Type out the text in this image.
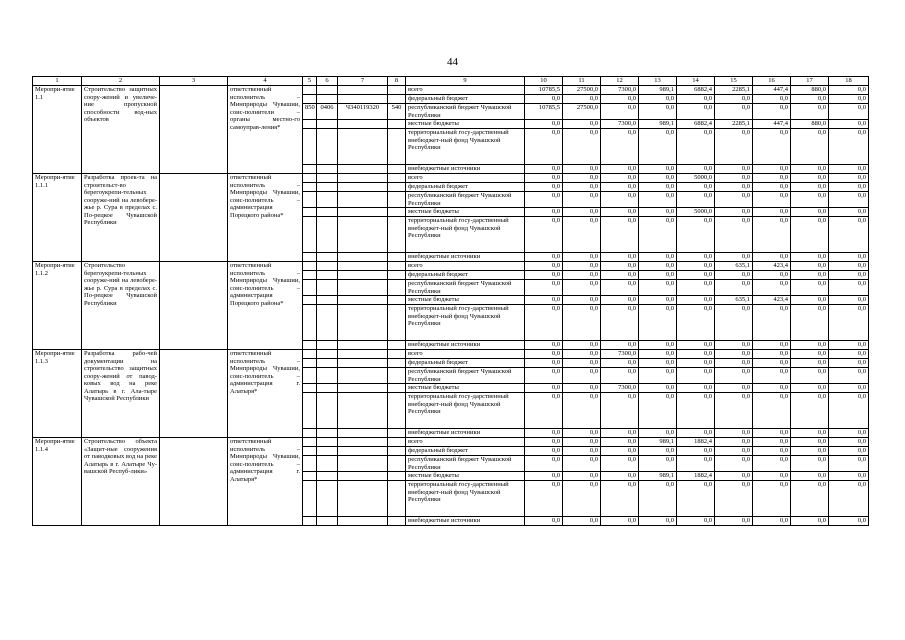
44
1	2	3	4	5	6	7	8	9	10	11	12	13	14	15	16	17	18
Меропри-ятие 1.1	Строительство защитных соору-жений и увеличе-ние пропускной способности вод-ных объектов		ответственный исполнитель – Минприроды Чувашии, соис-полнители – органы местно-го самоуправ-ления*					всего	10785,5	27500,0	7300,0	989,1	6882,4	2285,1	447,4	880,0	0,0
								федеральный бюджет	0,0	0,0	0,0	0,0	0,0	0,0	0,0	0,0	0,0
				850	0406	Ч340119320	540	республиканский бюджет Чувашской Республики	10785,5	27500,0	0,0	0,0	0,0	0,0	0,0	0,0	0,0
								местные бюджеты	0,0	0,0	7300,0	989,1	6882,4	2285,1	447,4	880,0	0,0
								территориальный госу-дарственный внебюджет-ный фонд Чувашской Республики	0,0	0,0	0,0	0,0	0,0	0,0	0,0	0,0	0,0
								внебюджетные источники	0,0	0,0	0,0	0,0	0,0	0,0	0,0	0,0	0,0
Меропри-ятие 1.1.1	Разработка проек-та на строительст-во берегоукрепи-тельных сооруже-ний на левобере-жье р. Сура в пределах с. По-рецкое Чувашской Республики		ответственный исполнитель – Минприроды Чувашии, соис-полнитель – администрация Порецкого района*					всего	0,0	0,0	0,0	0,0	5000,0	0,0	0,0	0,0	0,0
								федеральный бюджет	0,0	0,0	0,0	0,0	0,0	0,0	0,0	0,0	0,0
								республиканский бюджет Чувашской Республики	0,0	0,0	0,0	0,0	0,0	0,0	0,0	0,0	0,0
								местные бюджеты	0,0	0,0	0,0	0,0	5000,0	0,0	0,0	0,0	0,0
								территориальный госу-дарственный внебюджет-ный фонд Чувашской Республики	0,0	0,0	0,0	0,0	0,0	0,0	0,0	0,0	0,0
								внебюджетные источники	0,0	0,0	0,0	0,0	0,0	0,0	0,0	0,0	0,0
Меропри-ятие 1.1.2	Строительство берегоукрепи-тельных сооруже-ний на левобере-жье р. Сура в пределах с. По-рецкое Чувашской Республики		ответственный исполнитель – Минприроды Чувашии, соис-полнитель – администрация Порецкого района*					всего	0,0	0,0	0,0	0,0	0,0	635,1	423,4	0,0	0,0
								федеральный бюджет	0,0	0,0	0,0	0,0	0,0	0,0	0,0	0,0	0,0
								республиканский бюджет Чувашской Республики	0,0	0,0	0,0	0,0	0,0	0,0	0,0	0,0	0,0
								местные бюджеты	0,0	0,0	0,0	0,0	0,0	635,1	423,4	0,0	0,0
								территориальный госу-дарственный внебюджет-ный фонд Чувашской Республики	0,0	0,0	0,0	0,0	0,0	0,0	0,0	0,0	0,0
								внебюджетные источники	0,0	0,0	0,0	0,0	0,0	0,0	0,0	0,0	0,0
Меропри-ятие 1.1.3	Разработка рабо-чей документации на строительство защитных соору-жений от павод-ковых вод на реке Алатырь в г. Ала-тыре Чувашской Республики		ответственный исполнитель – Минприроды Чувашии, соис-полнитель – администрация г. Алатыря*					всего	0,0	0,0	7300,0	0,0	0,0	0,0	0,0	0,0	0,0
								федеральный бюджет	0,0	0,0	0,0	0,0	0,0	0,0	0,0	0,0	0,0
								республиканский бюджет Чувашской Республики	0,0	0,0	0,0	0,0	0,0	0,0	0,0	0,0	0,0
								местные бюджеты	0,0	0,0	7300,0	0,0	0,0	0,0	0,0	0,0	0,0
								территориальный госу-дарственный внебюджет-ный фонд Чувашской Республики	0,0	0,0	0,0	0,0	0,0	0,0	0,0	0,0	0,0
								внебюджетные источники	0,0	0,0	0,0	0,0	0,0	0,0	0,0	0,0	0,0
Меропри-ятие 1.1.4	Строительство объекта «Защит-ные сооружения от паводковых вод на реке Алатырь в г. Алатыре Чу-вашской Респуб-лики»		ответственный исполнитель – Минприроды Чувашии, соис-полнитель – администрация г. Алатыря*					всего	0,0	0,0	0,0	989,1	1882,4	0,0	0,0	0,0	0,0
								федеральный бюджет	0,0	0,0	0,0	0,0	0,0	0,0	0,0	0,0	0,0
								республиканский бюджет Чувашской Республики	0,0	0,0	0,0	0,0	0,0	0,0	0,0	0,0	0,0
								местные бюджеты	0,0	0,0	0,0	989,1	1882,4	0,0	0,0	0,0	0,0
								территориальный госу-дарственный внебюджет-ный фонд Чувашской Республики	0,0	0,0	0,0	0,0	0,0	0,0	0,0	0,0	0,0
								внебюджетные источники	0,0	0,0	0,0	0,0	0,0	0,0	0,0	0,0	0,0
